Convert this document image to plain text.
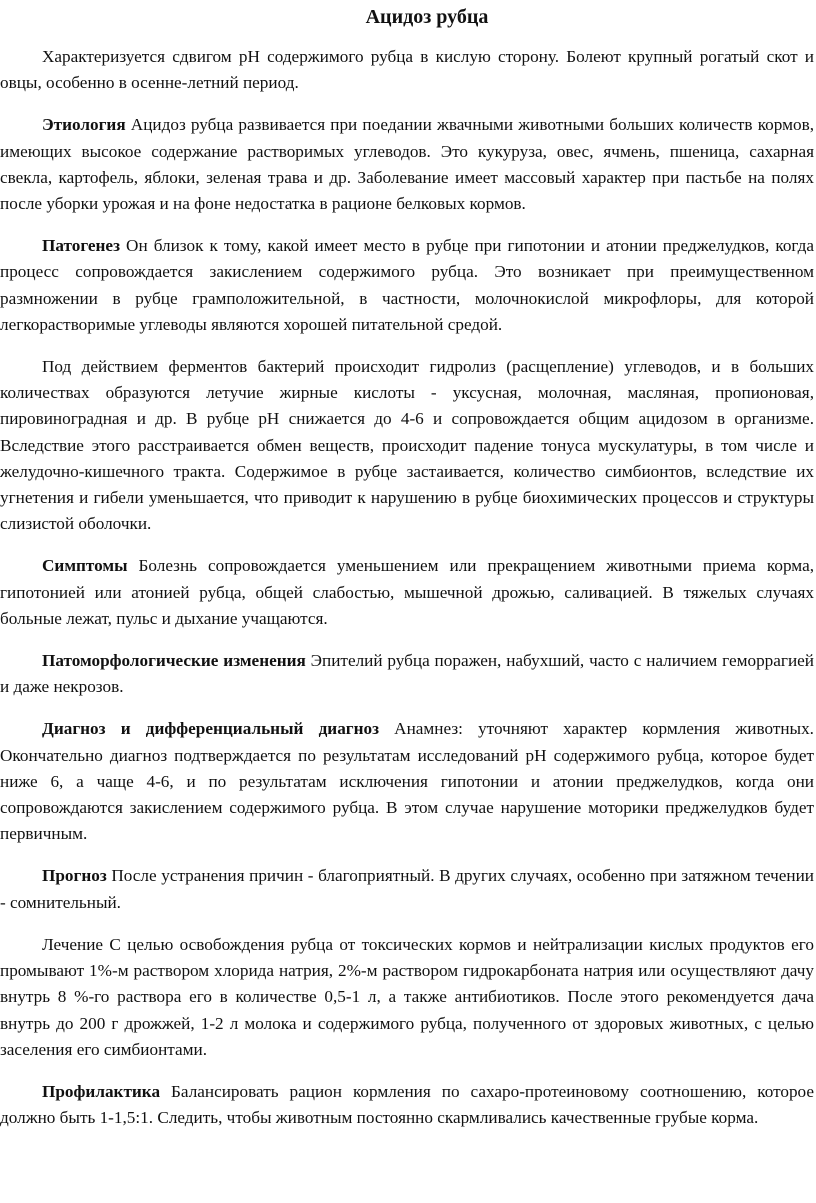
Ацидоз рубца

Характеризуется сдвигом рН содержимого рубца в кислую сторону. Болеют крупный рогатый скот и овцы, особенно в осенне-летний период.

Этиология Ацидоз рубца развивается при поедании жвачными животными больших количеств кормов, имеющих высокое содержание растворимых углеводов. Это кукуруза, овес, ячмень, пшеница, сахарная свекла, картофель, яблоки, зеленая трава и др. Заболевание имеет массовый характер при пастьбе на полях после уборки урожая и на фоне недостатка в рационе белковых кормов.

Патогенез Он близок к тому, какой имеет место в рубце при гипотонии и атонии преджелудков, когда процесс сопровождается закислением содержимого рубца. Это возникает при преимущественном размножении в рубце грамположительной, в частности, молочнокислой микрофлоры, для которой легкорастворимые углеводы являются хорошей питательной средой.

Под действием ферментов бактерий происходит гидролиз (расщепление) углеводов, и в больших количествах образуются летучие жирные кислоты - уксусная, молочная, масляная, пропионовая, пировиноградная и др. В рубце рН снижается до 4-6 и сопровождается общим ацидозом в организме. Вследствие этого расстраивается обмен веществ, происходит падение тонуса мускулатуры, в том числе и желудочно-кишечного тракта. Содержимое в рубце застаивается, количество симбионтов, вследствие их угнетения и гибели уменьшается, что приводит к нарушению в рубце биохимических процессов и структуры слизистой оболочки.

Симптомы Болезнь сопровождается уменьшением или прекращением животными приема корма, гипотонией или атонией рубца, общей слабостью, мышечной дрожью, саливацией. В тяжелых случаях больные лежат, пульс и дыхание учащаются.

Патоморфологические изменения Эпителий рубца поражен, набухший, часто с наличием геморрагией и даже некрозов.

Диагноз и дифференциальный диагноз Анамнез: уточняют характер кормления животных. Окончательно диагноз подтверждается по результатам исследований рН содержимого рубца, которое будет ниже 6, а чаще 4-6, и по результатам исключения гипотонии и атонии преджелудков, когда они сопровождаются закислением содержимого рубца. В этом случае нарушение моторики преджелудков будет первичным.

Прогноз После устранения причин - благоприятный. В других случаях, особенно при затяжном течении - сомнительный.

Лечение С целью освобождения рубца от токсических кормов и нейтрализации кислых продуктов его промывают 1%-м раствором хлорида натрия, 2%-м раствором гидрокарбоната натрия или осуществляют дачу внутрь 8 %-го раствора его в количестве 0,5-1 л, а также антибиотиков. После этого рекомендуется дача внутрь до 200 г дрожжей, 1-2 л молока и содержимого рубца, полученного от здоровых животных, с целью заселения его симбионтами.

Профилактика Балансировать рацион кормления по сахаро-протеиновому соотношению, которое должно быть 1-1,5:1. Следить, чтобы животным постоянно скармливались качественные грубые корма.
